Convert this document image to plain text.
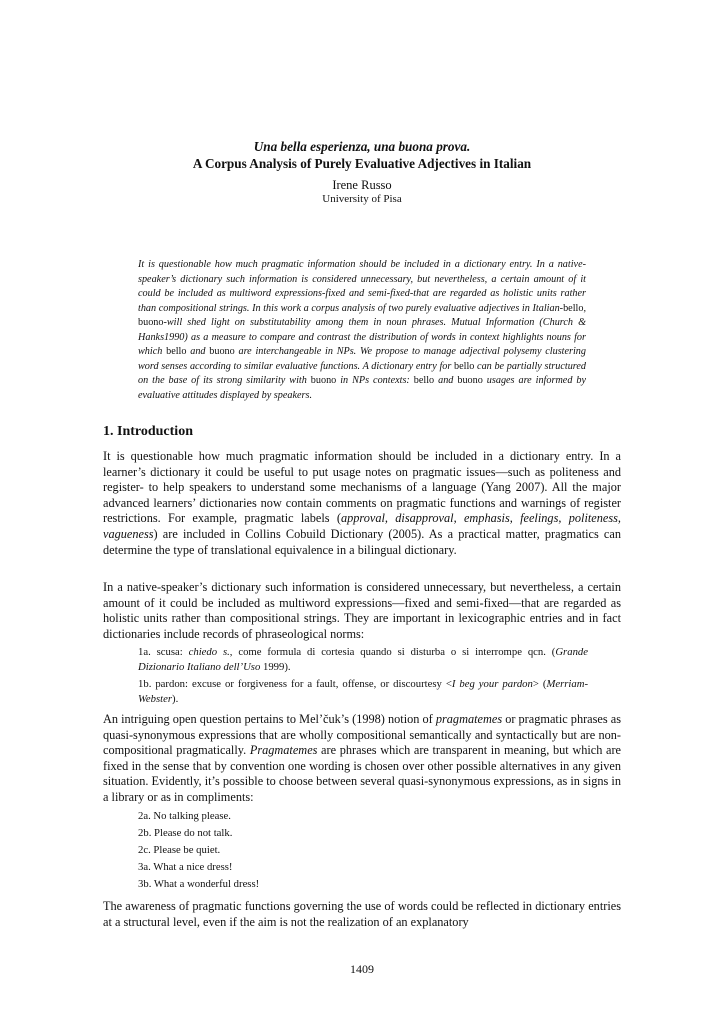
Una bella esperienza, una buona prova.
A Corpus Analysis of Purely Evaluative Adjectives in Italian
Irene Russo
University of Pisa
It is questionable how much pragmatic information should be included in a dictionary entry. In a native-speaker’s dictionary such information is considered unnecessary, but nevertheless, a certain amount of it could be included as multiword expressions-fixed and semi-fixed-that are regarded as holistic units rather than compositional strings. In this work a corpus analysis of two purely evaluative adjectives in Italian-bello, buono-will shed light on substitutability among them in noun phrases. Mutual Information (Church & Hanks1990) as a measure to compare and contrast the distribution of words in context highlights nouns for which bello and buono are interchangeable in NPs. We propose to manage adjectival polysemy clustering word senses according to similar evaluative functions. A dictionary entry for bello can be partially structured on the base of its strong similarity with buono in NPs contexts: bello and buono usages are informed by evaluative attitudes displayed by speakers.
1. Introduction
It is questionable how much pragmatic information should be included in a dictionary entry. In a learner’s dictionary it could be useful to put usage notes on pragmatic issues—such as politeness and register- to help speakers to understand some mechanisms of a language (Yang 2007). All the major advanced learners’ dictionaries now contain comments on pragmatic functions and warnings of register restrictions. For example, pragmatic labels (approval, disapproval, emphasis, feelings, politeness, vagueness) are included in Collins Cobuild Dictionary (2005). As a practical matter, pragmatics can determine the type of translational equivalence in a bilingual dictionary.
In a native-speaker’s dictionary such information is considered unnecessary, but nevertheless, a certain amount of it could be included as multiword expressions—fixed and semi-fixed—that are regarded as holistic units rather than compositional strings. They are important in lexicographic entries and in fact dictionaries include records of phraseological norms:
1a. scusa: chiedo s., come formula di cortesia quando si disturba o si interrompe qcn. (Grande Dizionario Italiano dell’Uso 1999).
1b. pardon: excuse or forgiveness for a fault, offense, or discourtesy <I beg your pardon> (Merriam-Webster).
An intriguing open question pertains to Mel’čuk’s (1998) notion of pragmatemes or pragmatic phrases as quasi-synonymous expressions that are wholly compositional semantically and syntactically but are non- compositional pragmatically. Pragmatemes are phrases which are transparent in meaning, but which are fixed in the sense that by convention one wording is chosen over other possible alternatives in any given situation. Evidently, it’s possible to choose between several quasi-synonymous expressions, as in signs in a library or as in compliments:
2a. No talking please.
2b. Please do not talk.
2c. Please be quiet.
3a. What a nice dress!
3b. What a wonderful dress!
The awareness of pragmatic functions governing the use of words could be reflected in dictionary entries at a structural level, even if the aim is not the realization of an explanatory
1409
